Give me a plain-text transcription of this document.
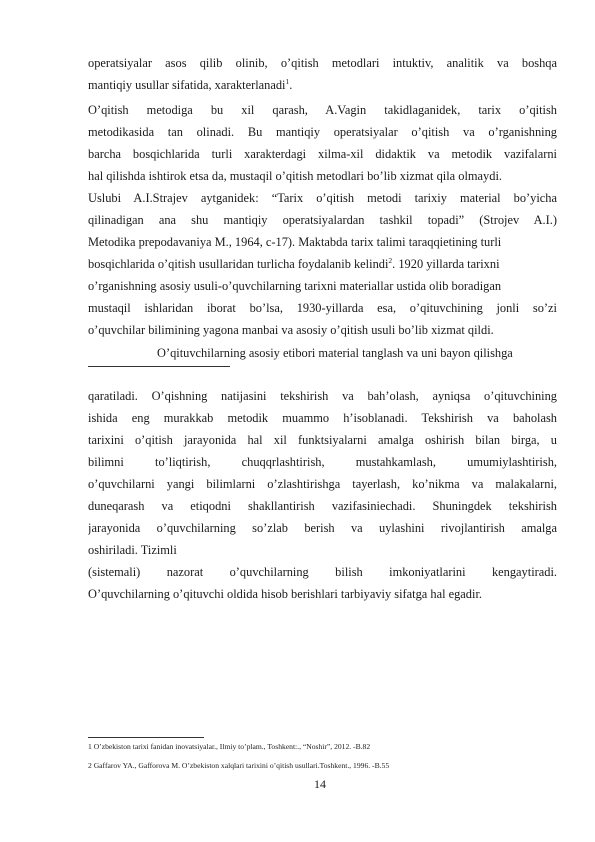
operatsiyalar asos qilib olinib, o’qitish metodlari intuktiv, analitik va boshqa
mantiqiy usullar sifatida, xarakterlanadi$^1$.
O’qitish metodiga bu xil qarash, A.Vagin takidlaganidek, tarix o’qitish
metodikasida tan olinadi. Bu mantiqiy operatsiyalar o’qitish va o’rganishning
barcha bosqichlarida turli xarakterdagi xilma-xil didaktik va metodik vazifalarni
hal qilishda ishtirok etsa da, mustaqil o’qitish metodlari bo’lib xizmat qila olmaydi.
Uslubi A.I.Strajev aytganidek: “Tarix o’qitish metodi tarixiy material bo’yicha
qilinadigan ana shu mantiqiy operatsiyalardan tashkil topadi” (Strojev A.I.)
Metodika prepodavaniya M., 1964, c-17). Maktabda tarix talimi taraqqietining turli
bosqichlarida o’qitish usullaridan turlicha foydalanib kelindi$^2$. 1920 yillarda tarixni
o’rganishning asosiy usuli-o’quvchilarning tarixni materiallar ustida olib boradigan
mustaqil ishlaridan iborat bo’lsa, 1930-yillarda esa, o’qituvchining jonli so’zi
o’quvchilar bilimining yagona manbai va asosiy o’qitish usuli bo’lib xizmat qildi.
O’qituvchilarning asosiy etibori material tanglash va uni bayon qilishga
qaratiladi. O’qishning natijasini tekshirish va bah’olash, ayniqsa o’qituvchining
ishida eng murakkab metodik muammo h’isoblanadi. Tekshirish va baholash
tarixini o’qitish jarayonida hal xil funktsiyalarni amalga oshirish bilan birga, u
bilimni to’liqtirish, chuqqrlashtirish, mustahkamlash, umumiylashtirish,
o’quvchilarni yangi bilimlarni o’zlashtirishga tayerlash, ko’nikma va malakalarni,
duneqarash va etiqodni shakllantirish vazifasiniechadi. Shuningdek tekshirish
jarayonida o’quvchilarning so’zlab berish va uylashini rivojlantirish amalga
oshiriladi. Tizimli
(sistemali) nazorat o’quvchilarning bilish imkoniyatlarini kengaytiradi.
O’quvchilarning o’qituvchi oldida hisob berishlari tarbiyaviy sifatga hal egadir.
1 O’zbekiston tarixi fanidan inovatsiyalar., Ilmiy to’plam., Toshkent:., “Noshir”, 2012. -B.82
2 Gaffarov YA., Gafforova M. O’zbekiston xalqlari tarixini o’qitish usullari.Toshkent., 1996. -B.55
14
